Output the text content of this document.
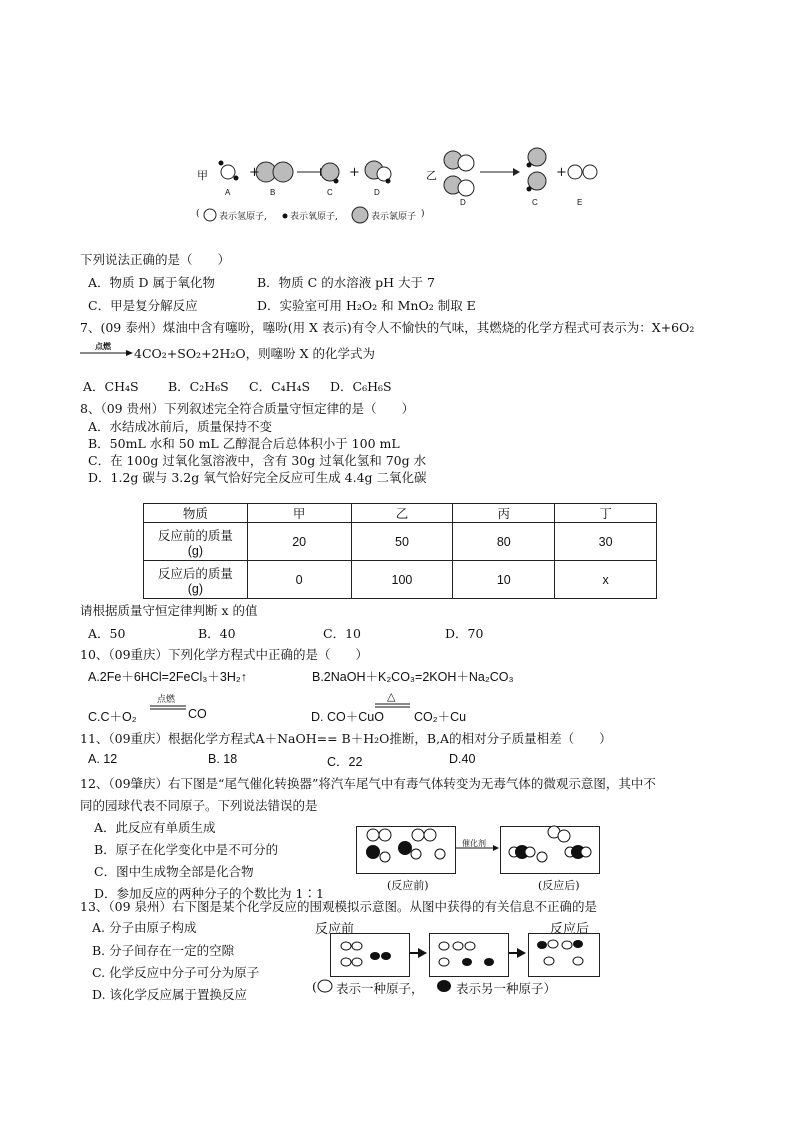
甲	+	+	+
乙
A	B	C	D
D	C	E
( 表示氢原子,	表示氧原子,	表示氯原子 )
下列说法正确的是（　　）
A．物质 D 属于氧化物	B．物质 C 的水溶液 pH 大于 7
C．甲是复分解反应	D．实验室可用 H₂O₂ 和 MnO₂ 制取 E
7、(09 泰州）煤油中含有噻吩，噻吩(用 X 表示)有令人不愉快的气味，其燃烧的化学方程式可表示为：X+6O₂
点燃 4CO₂+SO₂+2H₂O，则噻吩 X 的化学式为
A．CH₄S B．C₂H₆S C．C₄H₄S D．C₆H₆S
8、（09 贵州）下列叙述完全符合质量守恒定律的是（　　）
A．水结成冰前后，质量保持不变
B．50mL 水和 50 mL 乙醇混合后总体积小于 100 mL
C．在 100g 过氧化氢溶液中，含有 30g 过氧化氢和 70g 水
D．1.2g 碳与 3.2g 氧气恰好完全反应可生成 4.4g 二氧化碳
物质	甲	乙	丙	丁

反应前的质量
(g)	20	50	80	30

反应后的质量
(g)	0	100	10	x
请根据质量守恒定律判断 x 的值
A．50	B．40	C．10	D．70
10、（09重庆）下列化学方程式中正确的是（　　）
A.2Fe＋6HCl=2FeCl₃＋3H₂↑	B.2NaOH＋K₂CO₃=2KOH＋Na₂CO₃
点燃
C.C＋O₂	CO
△
D. CO＋CuO CO₂＋Cu
11、（09重庆）根据化学方程式A＋NaOH== B＋H₂O推断，B,A的相对分子质量相差（　　）
A. 12	B. 18	C．22	D.40
12、（09肇庆）右下图是“尾气催化转换器”将汽车尾气中有毒气体转变为无毒气体的微观示意图，其中不
同的园球代表不同原子。下列说法错误的是
A．此反应有单质生成
B．原子在化学变化中是不可分的
C．图中生成物全部是化合物
D．参加反应的两种分子的个数比为 1∶1
催化剂
(反应前)	(反应后)
13、（09 泉州）右下图是某个化学反应的围观模拟示意图。从图中获得的有关信息不正确的是
A. 分子由原子构成
B. 分子间存在一定的空隙
C. 化学反应中分子可分为原子
D. 该化学反应属于置换反应
反应前	反应后
( 表示一种原子，	表示另一种原子）
